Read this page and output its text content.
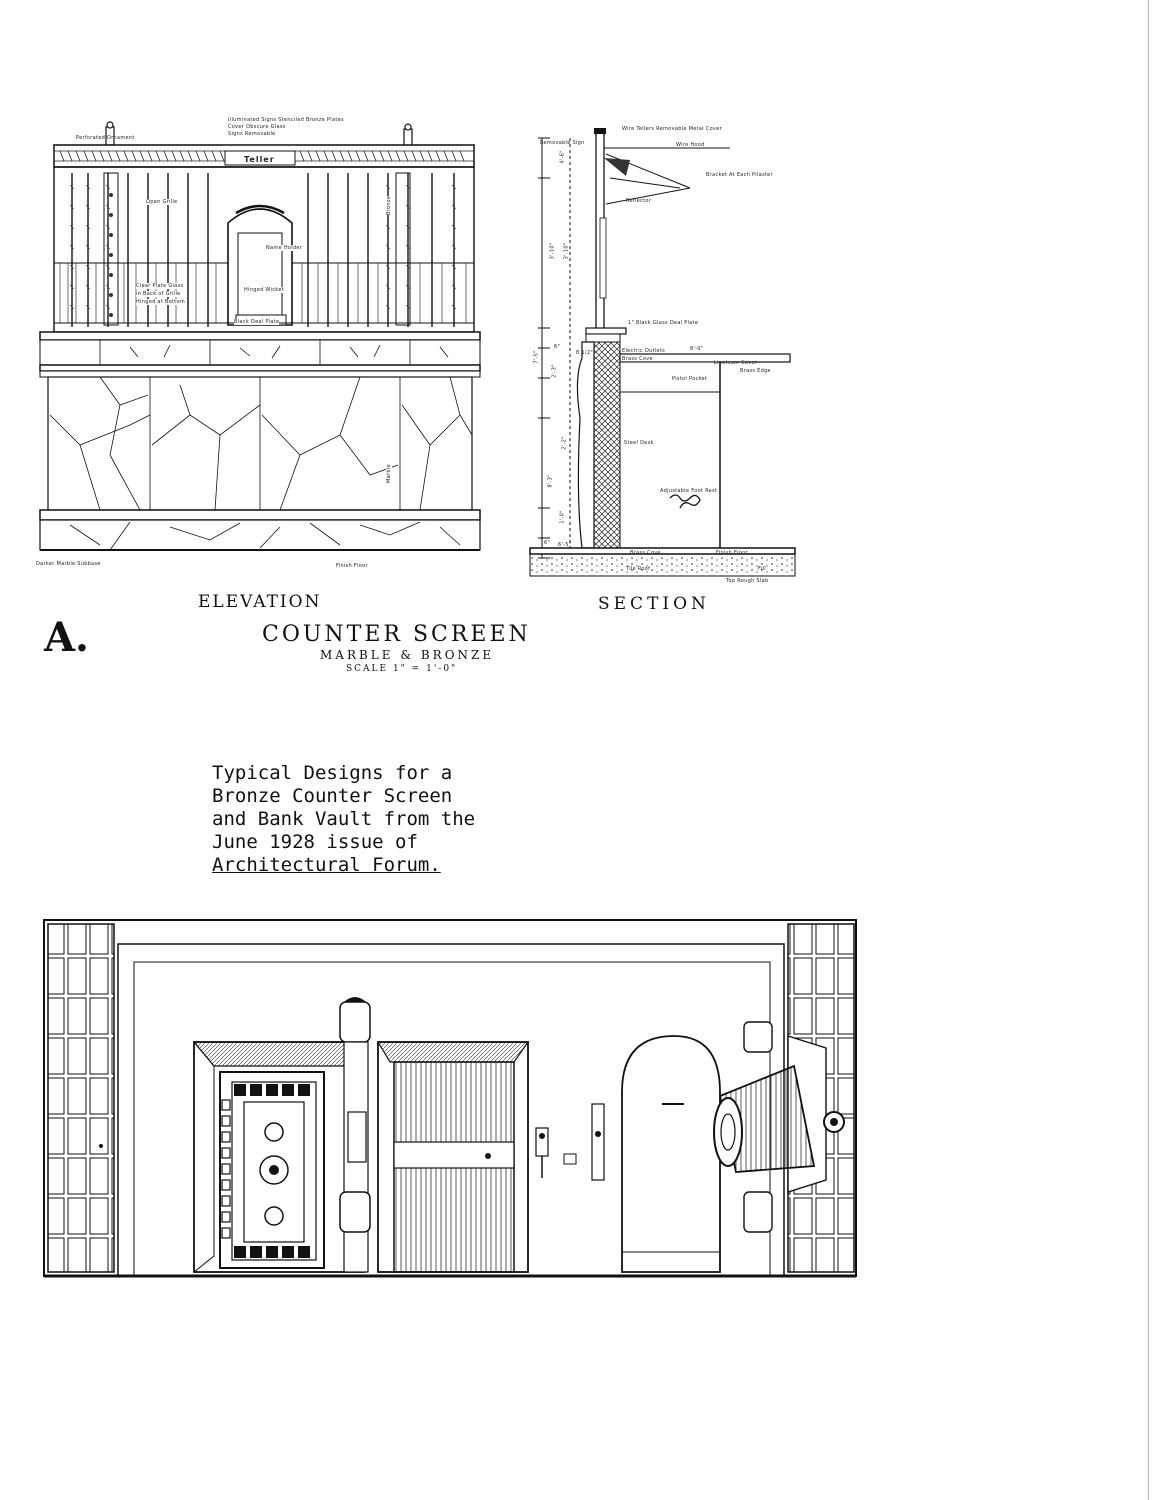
Perforated Ornament
Illuminated Signs Stenciled Bronze Plates
Cover Obscure Glass
Signs Removable
Teller
Open Grille
Clear Plate Glass
in Back of Grille
Hinged at Bottom
Name Holder
Hinged Wicket
Black Deal Plate
Bronze
Marble
Darker Marble Subbase	Finish Floor
Removable Sign
Wire Tellers Removable Metal Cover
Wire Hood
Bracket At Each Pilaster
Reflector
1" Black Glass Deal Plate
Electric Outlets
Brass Cove
Linoleum Cover
Brass Edge
Pistol Pocket
Steel Desk
Adjustable Foot Rest
Brass Cove	Finish Floor
Fill
Tile Roof
Top Rough Slab
4'-6"
3'-10" 3'-10"
7'-5"
6"
2'-3"
2'-2"
8'-3"
1'-0"
6" 6'-5"
8'-0"
8 1/2"
ELEVATION	SECTION
A.	COUNTER SCREEN
MARBLE & BRONZE
SCALE 1" = 1'-0"
Typical Designs for a
Bronze Counter Screen
and Bank Vault from the
June 1928 issue of
Architectural Forum.
